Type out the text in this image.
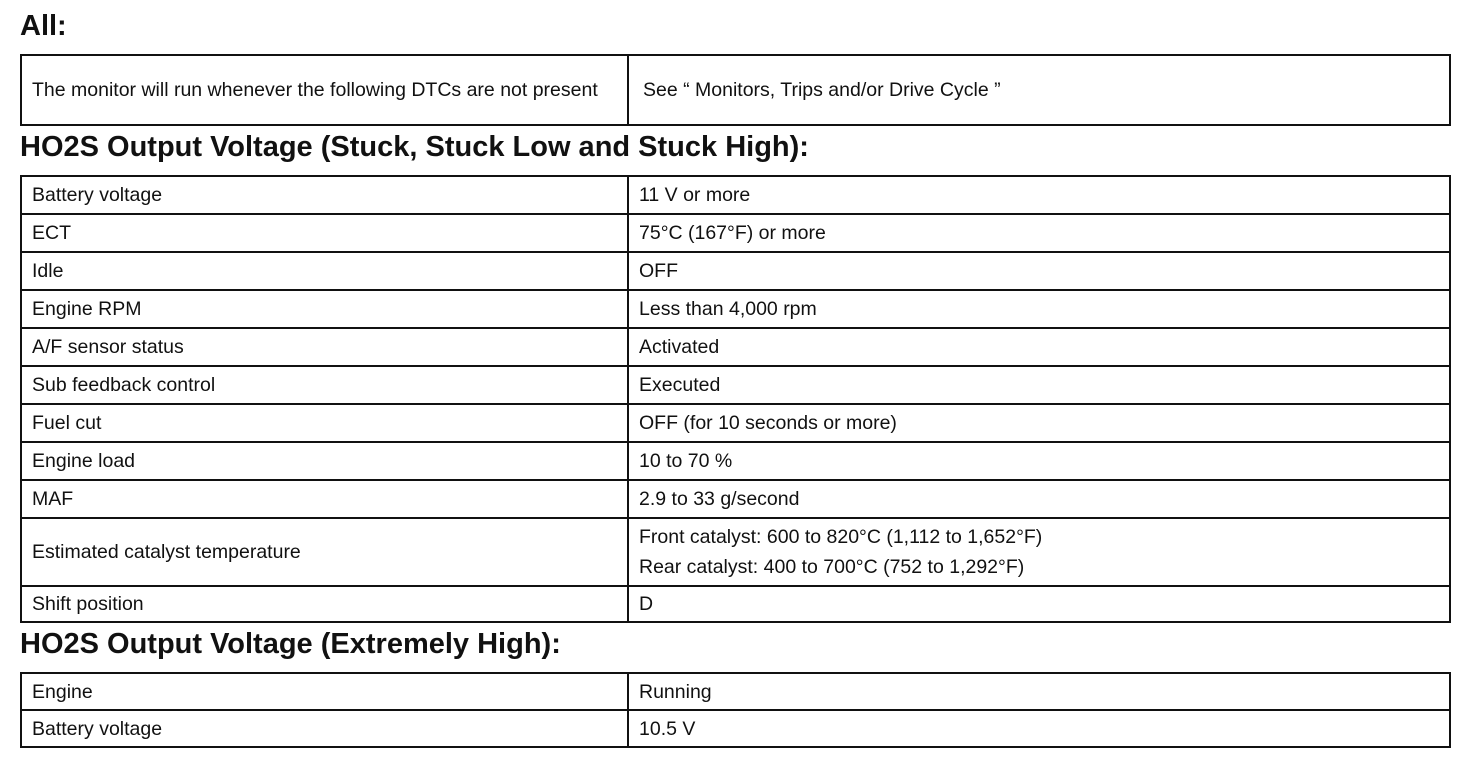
All:
The monitor will run whenever the following DTCs are not present	See “ Monitors, Trips and/or Drive Cycle ”
HO2S Output Voltage (Stuck, Stuck Low and Stuck High):
Battery voltage	11 V or more
ECT	75°C (167°F) or more
Idle	OFF
Engine RPM	Less than 4,000 rpm
A/F sensor status	Activated
Sub feedback control	Executed
Fuel cut	OFF (for 10 seconds or more)
Engine load	10 to 70 %
MAF	2.9 to 33 g/second
Estimated catalyst temperature	Front catalyst: 600 to 820°C (1,112 to 1,652°F)
Rear catalyst: 400 to 700°C (752 to 1,292°F)

Shift position	D
HO2S Output Voltage (Extremely High):
Engine	Running
Battery voltage	10.5 V
